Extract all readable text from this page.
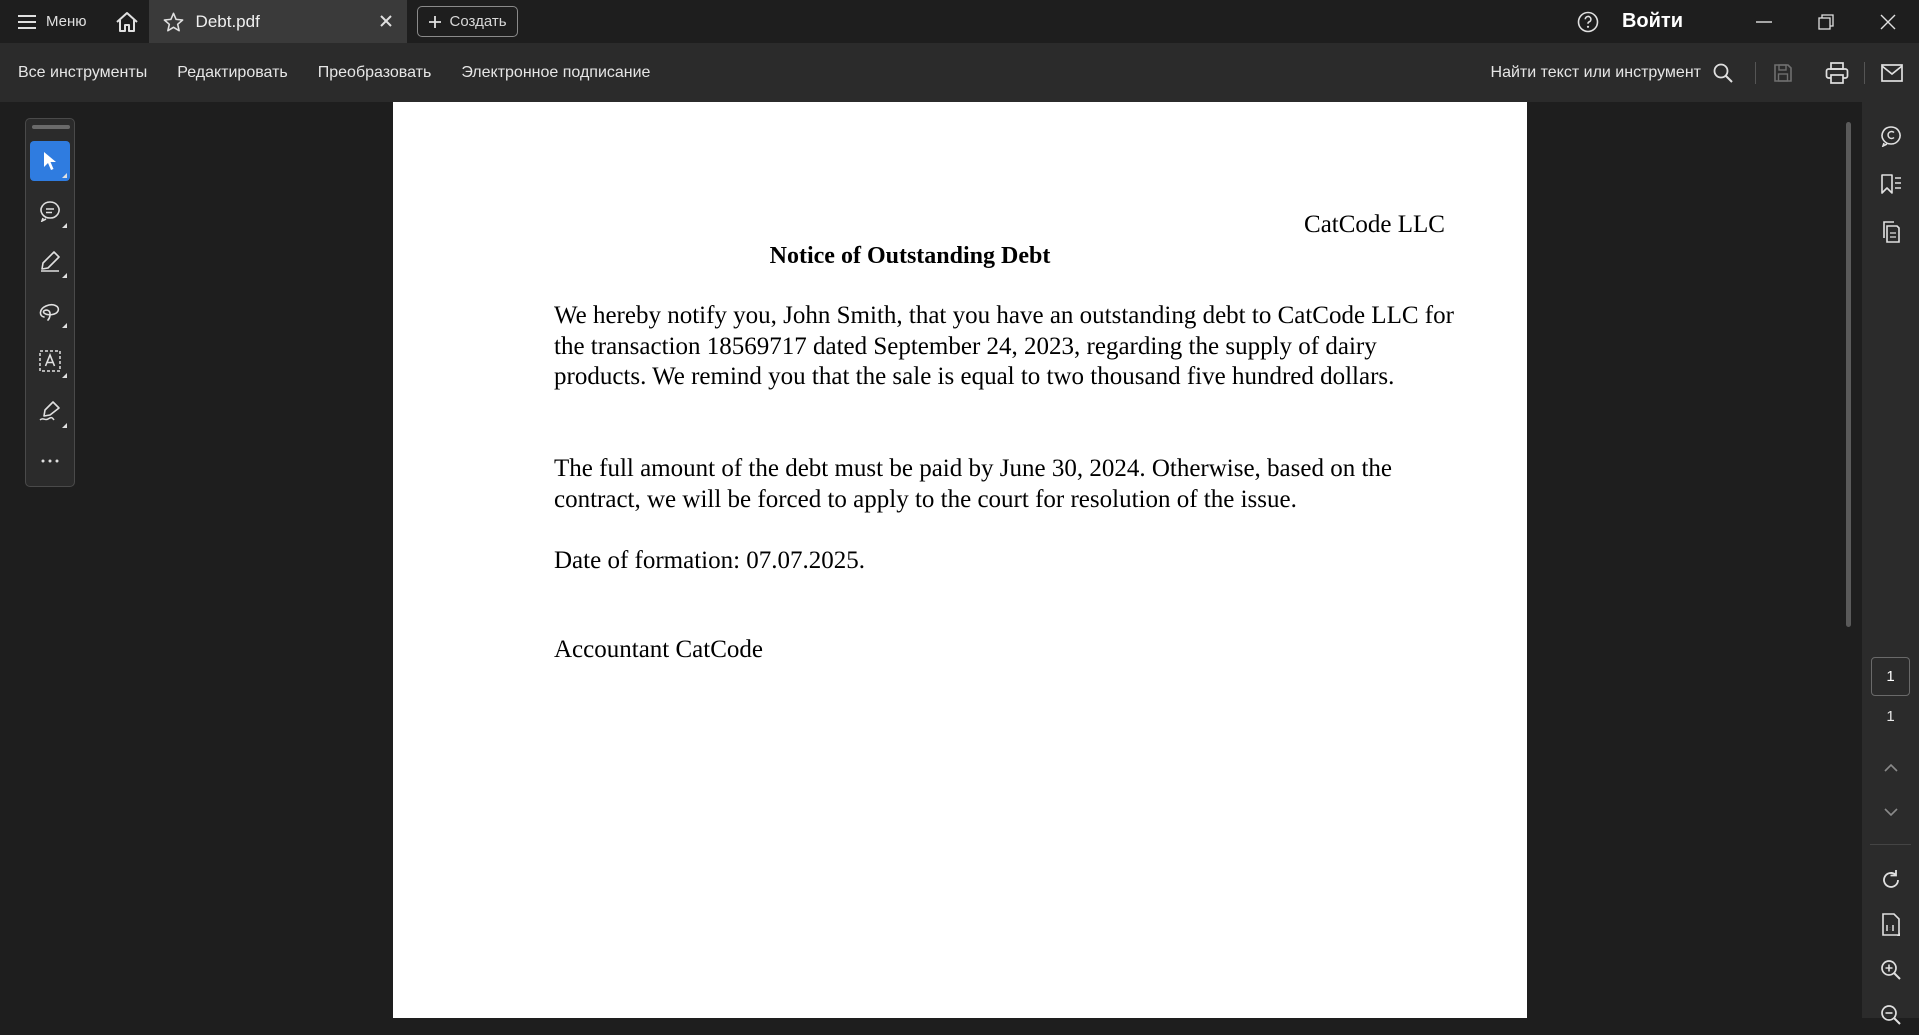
Меню	Debt.pdf	Создать	Войти
Все инструменты	Редактировать	Преобразовать	Электронное подписание	Найти текст или инструмент
CatCode LLC
Notice of Outstanding Debt
We hereby notify you, John Smith, that you have an outstanding debt to CatCode LLC for the transaction 18569717 dated September 24, 2023, regarding the supply of dairy products. We remind you that the sale is equal to two thousand five hundred dollars.
The full amount of the debt must be paid by June 30, 2024. Otherwise, based on the contract, we will be forced to apply to the court for resolution of the issue.
Date of formation: 07.07.2025.
Accountant CatCode
1
1
